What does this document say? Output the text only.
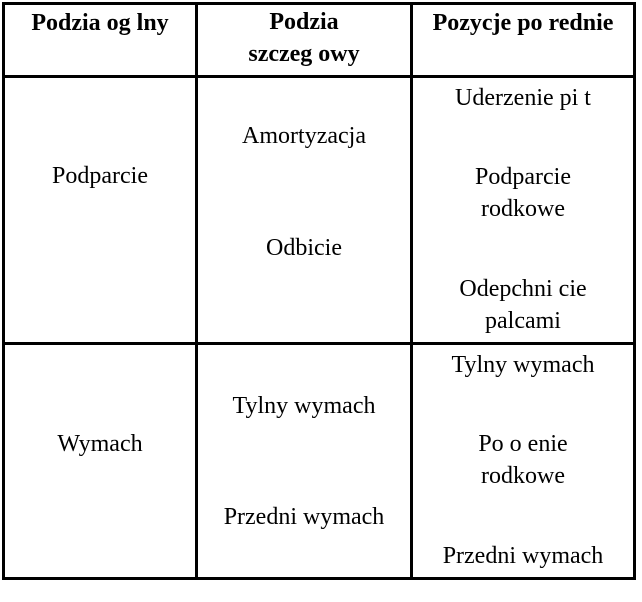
Podzia og lny	Podzia
szczeg owy
Pozycje po rednie
Podparcie
Amortyzacja
Odbicie
Uderzenie pi t
Podparcie
rodkowe
Odepchni cie
palcami
Wymach
Tylny wymach
Przedni wymach
Tylny wymach
Po o enie
rodkowe
Przedni wymach
